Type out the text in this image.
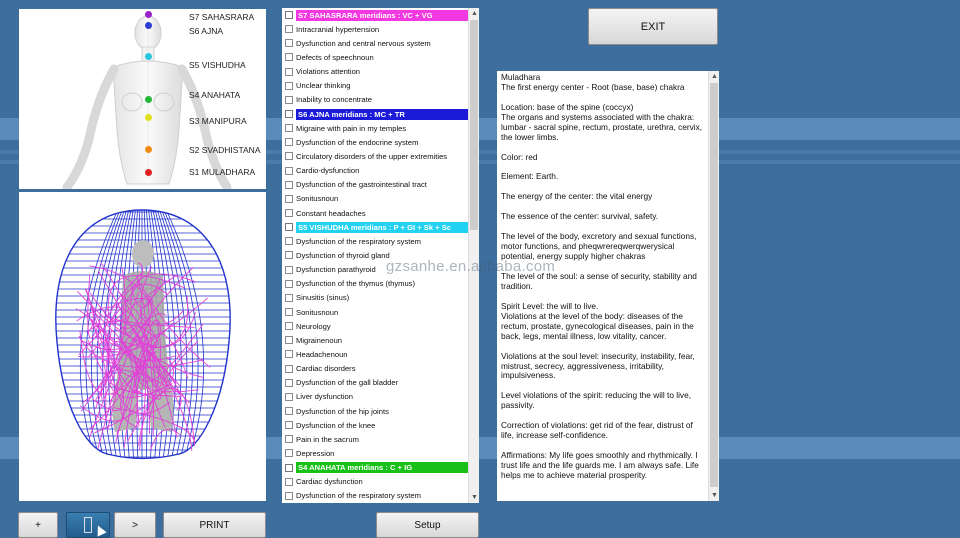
S7 SAHASRARA
S6 AJNA
S5 VISHUDHA
S4 ANAHATA
S3 MANIPURA
S2 SVADHISTANA
S1 MULADHARA
S7 SAHASRARA meridians : VC + VG
Intracranial hypertension
Dysfunction and central nervous system
Defects of speechnoun
Violations attention
Unclear thinking
Inability to concentrate
S6 AJNA meridians : MC + TR
Migraine with pain in my temples
Dysfunction of the endocrine system
Circulatory disorders of the upper extremities
Cardio-dysfunction
Dysfunction of the gastrointestinal tract
Sonitusnoun
Constant headaches
S5 VISHUDHA meridians : P + GI + Sk + Sc
Dysfunction of the respiratory system
Dysfunction of thyroid gland
Dysfunction parathyroid
Dysfunction of the thymus (thymus)
Sinusitis (sinus)
Sonitusnoun
Neurology
Migrainenoun
Headachenoun
Cardiac disorders
Dysfunction of the gall bladder
Liver dysfunction
Dysfunction of the hip joints
Dysfunction of the knee
Pain in the sacrum
Depression
S4 ANAHATA meridians : C + IG
Cardiac dysfunction
Dysfunction of the respiratory system
▲
▼

Muladhara
The first energy center - Root (base, base) chakra

Location: base of the spine (coccyx)
The organs and systems associated with the chakra: lumbar - sacral spine, rectum, prostate, urethra, cervix, the lower limbs.

Color: red

Element: Earth.

The energy of the center: the vital energy

The essence of the center: survival, safety.

The level of the body, excretory and sexual functions, motor functions, and pheqwrereqwerqwerysical potential, energy supply higher chakras

The level of the soul: a sense of security, stability and tradition.

Spirit Level: the will to live.
Violations at the level of the body: diseases of the rectum, prostate, gynecological diseases, pain in the back, legs, mental illness, low vitality, cancer.

Violations at the soul level: insecurity, instability, fear, mistrust, secrecy, aggressiveness, irritability, impulsiveness.

Level violations of the spirit: reducing the will to live, passivity.

Correction of violations: get rid of the fear, distrust of life, increase self-confidence.

Affirmations: My life goes smoothly and rhythmically. I trust life and the life guards me. I am always safe. Life helps me to achieve material prosperity.

▲
▼
gzsanhe.en.alibaba.com
EXIT
+	>	PRINT	Setup
